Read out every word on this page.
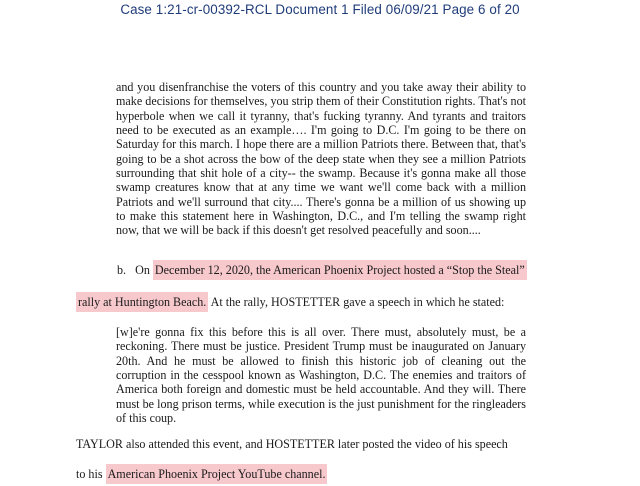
Case 1:21-cr-00392-RCL Document 1 Filed 06/09/21 Page 6 of 20

and you disenfranchise the voters of this country and you take away their ability to make decisions for themselves, you strip them of their Constitution rights. That's not hyperbole when we call it tyranny, that's fucking tyranny. And tyrants and traitors need to be executed as an example…. I'm going to D.C. I'm going to be there on Saturday for this march. I hope there are a million Patriots there. Between that, that's going to be a shot across the bow of the deep state when they see a million Patriots surrounding that shit hole of a city-- the swamp. Because it's gonna make all those swamp creatures know that at any time we want we'll come back with a million Patriots and we'll surround that city.... There's gonna be a million of us showing up to make this statement here in Washington, D.C., and I'm telling the swamp right now, that we will be back if this doesn't get resolved peacefully and soon....

b. On December 12, 2020, the American Phoenix Project hosted a “Stop the Steal”
rally at Huntington Beach. At the rally, HOSTETTER gave a speech in which he stated:

[w]e're gonna fix this before this is all over. There must, absolutely must, be a reckoning. There must be justice. President Trump must be inaugurated on January 20th. And he must be allowed to finish this historic job of cleaning out the corruption in the cesspool known as Washington, D.C. The enemies and traitors of America both foreign and domestic must be held accountable. And they will. There must be long prison terms, while execution is the just punishment for the ringleaders of this coup.

TAYLOR also attended this event, and HOSTETTER later posted the video of his speech
to his American Phoenix Project YouTube channel.
